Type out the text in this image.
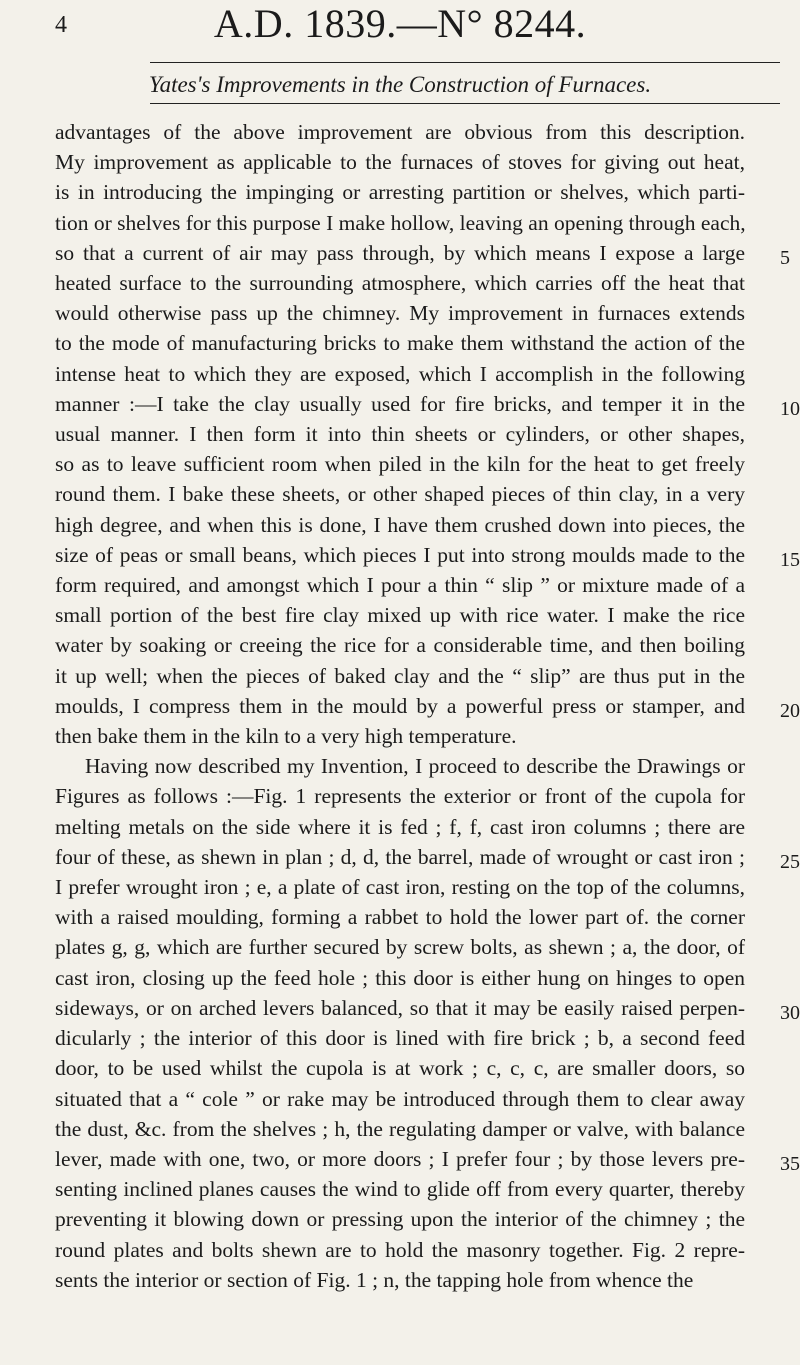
4	A.D. 1839.—N° 8244.
Yates's Improvements in the Construction of Furnaces.
advantages of the above improvement are obvious from this description.
My improvement as applicable to the furnaces of stoves for giving out heat,
is in introducing the impinging or arresting partition or shelves, which parti-
tion or shelves for this purpose I make hollow, leaving an opening through each,
so that a current of air may pass through, by which means I expose a large
heated surface to the surrounding atmosphere, which carries off the heat that
would otherwise pass up the chimney. My improvement in furnaces extends
to the mode of manufacturing bricks to make them withstand the action of the
intense heat to which they are exposed, which I accomplish in the following
manner :—I take the clay usually used for fire bricks, and temper it in the
usual manner. I then form it into thin sheets or cylinders, or other shapes,
so as to leave sufficient room when piled in the kiln for the heat to get freely
round them. I bake these sheets, or other shaped pieces of thin clay, in a very
high degree, and when this is done, I have them crushed down into pieces, the
size of peas or small beans, which pieces I put into strong moulds made to the
form required, and amongst which I pour a thin “ slip ” or mixture made of a
small portion of the best fire clay mixed up with rice water. I make the rice
water by soaking or creeing the rice for a considerable time, and then boiling
it up well; when the pieces of baked clay and the “ slip” are thus put in the
moulds, I compress them in the mould by a powerful press or stamper, and
then bake them in the kiln to a very high temperature.
Having now described my Invention, I proceed to describe the Drawings or
Figures as follows :—Fig. 1 represents the exterior or front of the cupola for
melting metals on the side where it is fed ; f, f, cast iron columns ; there are
four of these, as shewn in plan ; d, d, the barrel, made of wrought or cast iron ;
I prefer wrought iron ; e, a plate of cast iron, resting on the top of the columns,
with a raised moulding, forming a rabbet to hold the lower part of. the corner
plates g, g, which are further secured by screw bolts, as shewn ; a, the door, of
cast iron, closing up the feed hole ; this door is either hung on hinges to open
sideways, or on arched levers balanced, so that it may be easily raised perpen-
dicularly ; the interior of this door is lined with fire brick ; b, a second feed
door, to be used whilst the cupola is at work ; c, c, c, are smaller doors, so
situated that a “ cole ” or rake may be introduced through them to clear away
the dust, &c. from the shelves ; h, the regulating damper or valve, with balance
lever, made with one, two, or more doors ; I prefer four ; by those levers pre-
senting inclined planes causes the wind to glide off from every quarter, thereby
preventing it blowing down or pressing upon the interior of the chimney ; the
round plates and bolts shewn are to hold the masonry together. Fig. 2 repre-
sents the interior or section of Fig. 1 ; n, the tapping hole from whence the
5
10
15
20
25
30
35
